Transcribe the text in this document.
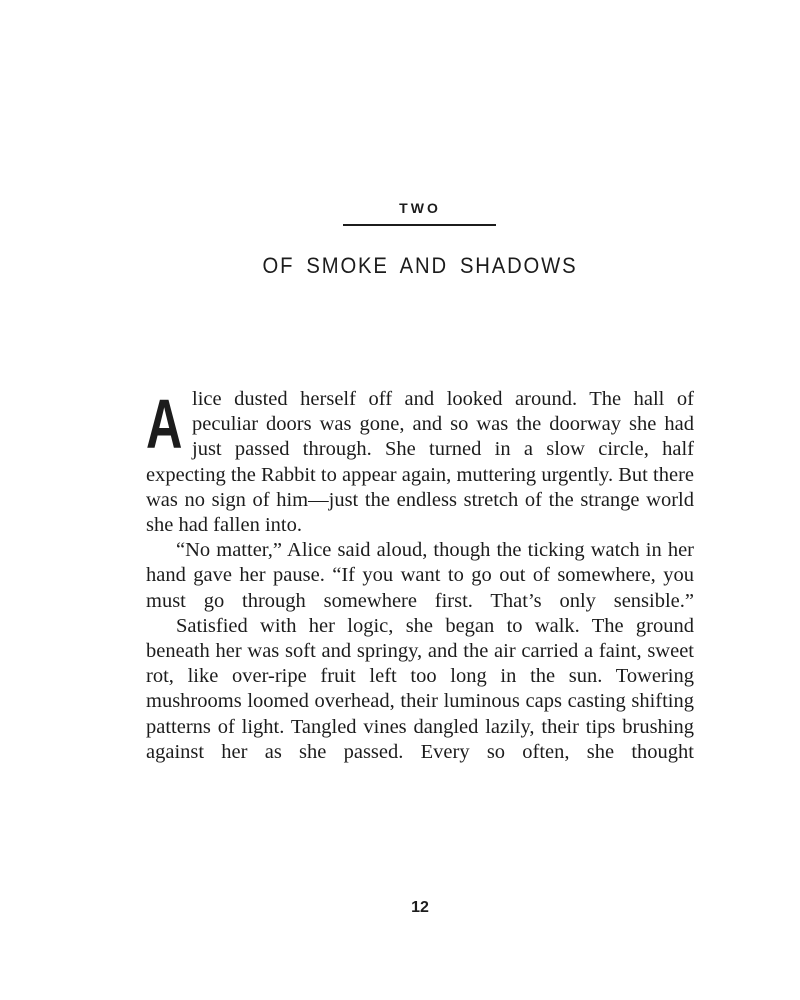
TWO
OF SMOKE AND SHADOWS

Alice dusted herself off and looked around. The hall of peculiar doors was gone, and so was the doorway she had just passed through. She turned in a slow circle, half expecting the Rabbit to appear again, muttering urgently. But there was no sign of him—just the endless stretch of the strange world she had fallen into.

“No matter,” Alice said aloud, though the ticking watch in her hand gave her pause. “If you want to go out of somewhere, you must go through somewhere first. That’s only sensible.”

Satisfied with her logic, she began to walk. The ground beneath her was soft and springy, and the air carried a faint, sweet rot, like over-ripe fruit left too long in the sun. Towering mushrooms loomed overhead, their luminous caps casting shifting patterns of light. Tangled vines dangled lazily, their tips brushing against her as she passed. Every so often, she thought

12
